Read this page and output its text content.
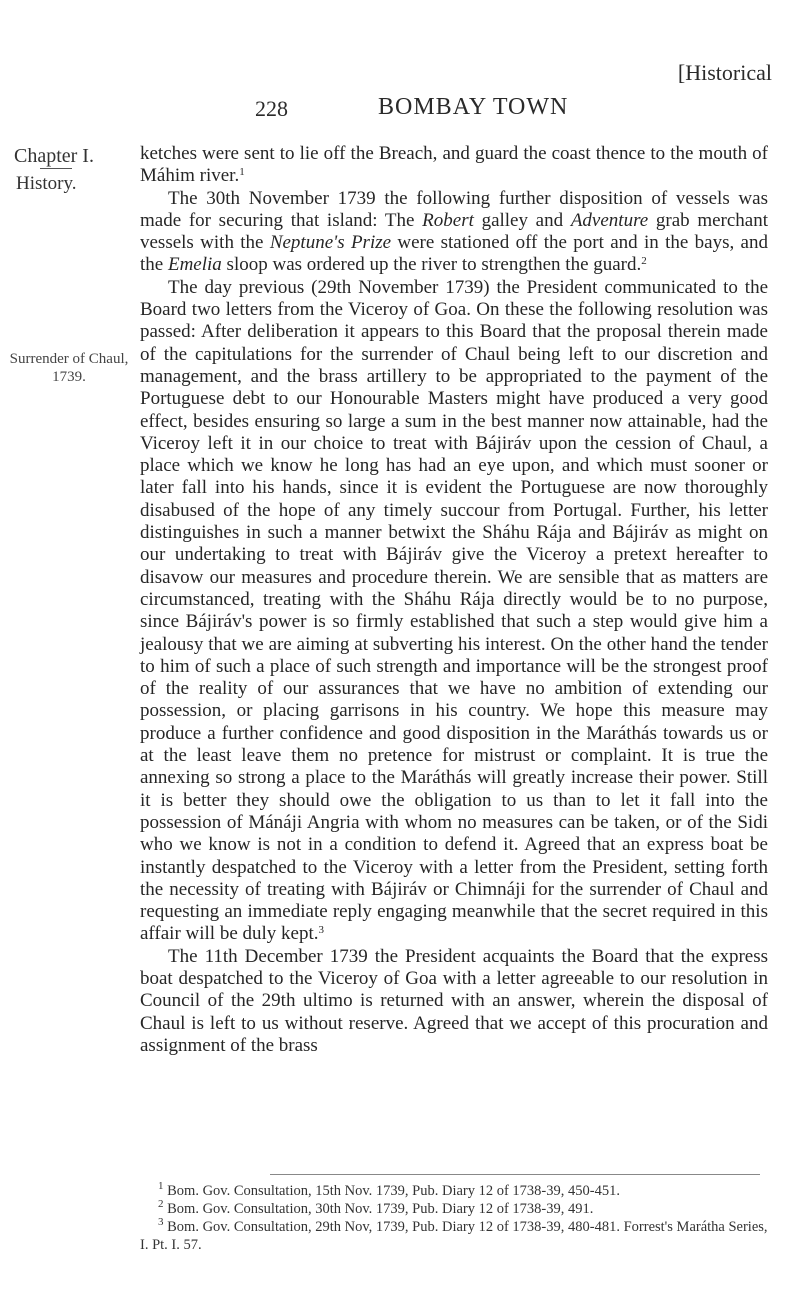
[Historical
228	BOMBAY TOWN
Chapter I.
History.
Surrender of Chaul, 1739.

ketches were sent to lie off the Breach, and guard the coast thence to the mouth of Máhim river.$^1$

The 30th November 1739 the following further disposition of vessels was made for securing that island: The Robert galley and Adventure grab merchant vessels with the Neptune's Prize were stationed off the port and in the bays, and the Emelia sloop was ordered up the river to strengthen the guard.$^2$

The day previous (29th November 1739) the President communicated to the Board two letters from the Viceroy of Goa. On these the following resolution was passed: After deliberation it appears to this Board that the proposal therein made of the capitulations for the surrender of Chaul being left to our discretion and management, and the brass artillery to be appropriated to the payment of the Portuguese debt to our Honourable Masters might have produced a very good effect, besides ensuring so large a sum in the best manner now attainable, had the Viceroy left it in our choice to treat with Bájiráv upon the cession of Chaul, a place which we know he long has had an eye upon, and which must sooner or later fall into his hands, since it is evident the Portuguese are now thoroughly disabused of the hope of any timely succour from Portugal. Further, his letter distinguishes in such a manner betwixt the Sháhu Rája and Bájiráv as might on our undertaking to treat with Bájiráv give the Viceroy a pretext hereafter to disavow our measures and procedure therein. We are sensible that as matters are circumstanced, treating with the Sháhu Rája directly would be to no purpose, since Bájiráv's power is so firmly established that such a step would give him a jealousy that we are aiming at subverting his interest. On the other hand the tender to him of such a place of such strength and importance will be the strongest proof of the reality of our assurances that we have no ambition of extending our possession, or placing garrisons in his country. We hope this measure may produce a further confidence and good disposition in the Maráthás towards us or at the least leave them no pretence for mistrust or complaint. It is true the annexing so strong a place to the Maráthás will greatly increase their power. Still it is better they should owe the obligation to us than to let it fall into the possession of Mánáji Angria with whom no measures can be taken, or of the Sidi who we know is not in a condition to defend it. Agreed that an express boat be instantly despatched to the Viceroy with a letter from the President, setting forth the necessity of treating with Bájiráv or Chimnáji for the surrender of Chaul and requesting an immediate reply engaging meanwhile that the secret required in this affair will be duly kept.$^3$

The 11th December 1739 the President acquaints the Board that the express boat despatched to the Viceroy of Goa with a letter agreeable to our resolution in Council of the 29th ultimo is returned with an answer, wherein the disposal of Chaul is left to us without reserve. Agreed that we accept of this procuration and assignment of the brass

$^1$ Bom. Gov. Consultation, 15th Nov. 1739, Pub. Diary 12 of 1738-39, 450-451.

$^2$ Bom. Gov. Consultation, 30th Nov. 1739, Pub. Diary 12 of 1738-39, 491.

$^3$ Bom. Gov. Consultation, 29th Nov, 1739, Pub. Diary 12 of 1738-39, 480-481. Forrest's Marátha Series, I. Pt. I. 57.
